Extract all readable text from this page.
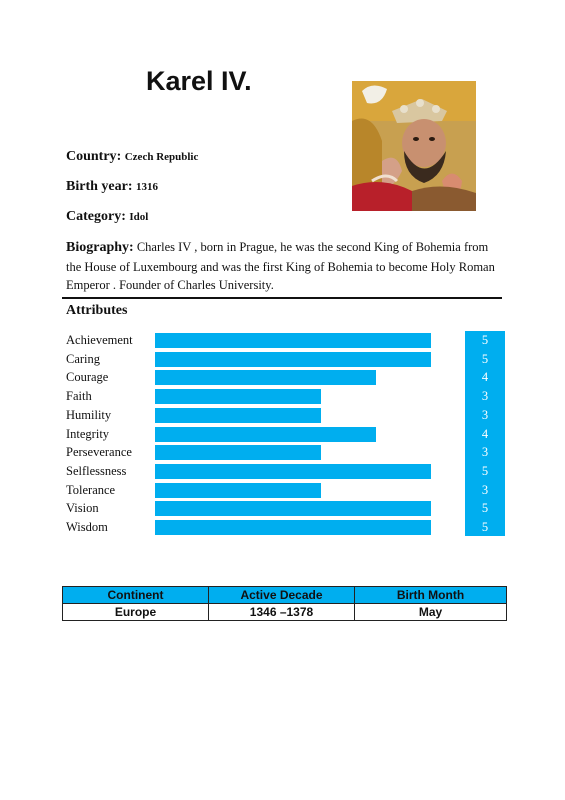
Karel IV.
Country: Czech Republic
Birth year: 1316
Category: Idol
Biography: Charles IV , born in Prague, he was the second King of Bohemia from the House of Luxembourg and was the first King of Bohemia to become Holy Roman Emperor . Founder of Charles University.
Attributes
Achievement	5
Caring	5
Courage	4
Faith	3
Humility	3
Integrity	4
Perseverance	3
Selflessness	5
Tolerance	3
Vision	5
Wisdom	5
Continent	Active Decade	Birth Month
Europe	1346 –1378	May
